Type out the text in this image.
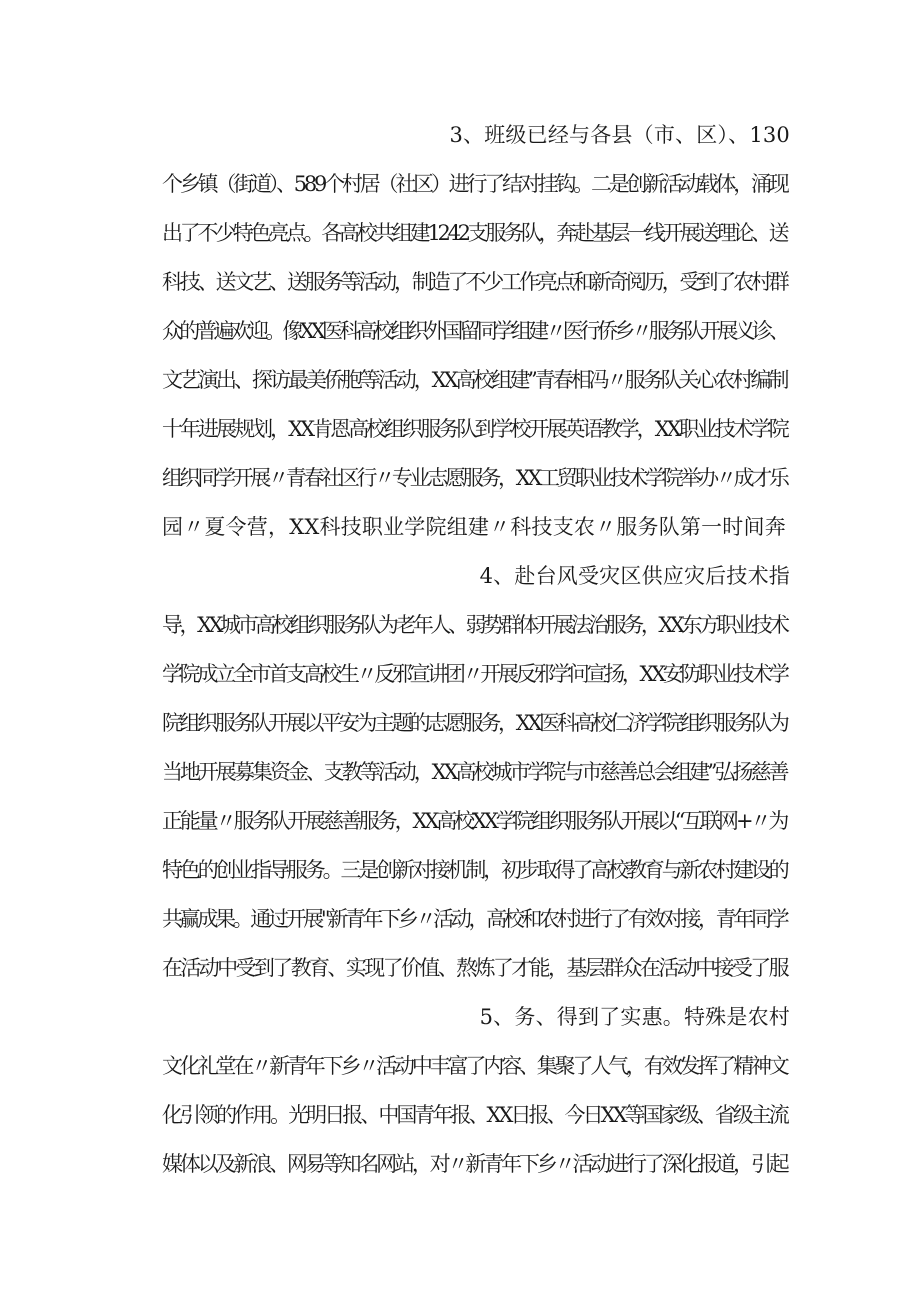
3、班级已经与各县（市、区）、130
个乡镇（街道）、589个村居（社区）进行了结对挂钩。二是创新活动载体，涌现
出了不少特色亮点。各高校共组建1242支服务队，奔赴基层一线开展送理论、送
科技、送文艺、送服务等活动，制造了不少工作亮点和新奇阅历，受到了农村群
众的普遍欢迎。像XX医科高校组织外国留同学组建〃医行侨乡〃服务队开展义诊、
文艺演出、探访最美侨胞等活动，XX高校组建’’青春相冯〃服务队关心农村编制
十年进展规划，XX肯恩高校组织服务队到学校开展英语教学，XX职业技术学院
组织同学开展〃青春社区行〃专业志愿服务，XX工贸职业技术学院举办〃成才乐
园〃夏令营，XX科技职业学院组建〃科技支农〃服务队第一时间奔
4、赴台风受灾区供应灾后技术指
导，XX城市高校组织服务队为老年人、弱势群体开展法治服务，XX东方职业技术
学院成立全市首支高校生〃反邪宣讲团〃开展反邪学问宣扬，XX安防职业技术学
院组织服务队开展以平安为主题的志愿服务，XX医科高校仁济学院组织服务队为
当地开展募集资金、支教等活动，XX高校城市学院与市慈善总会组建’’弘扬慈善
正能量〃服务队开展慈善服务，XX高校XX学院组织服务队开展以“互联网+〃为
特色的创业指导服务。三是创新对接机制，初步取得了高校教育与新农村建设的
共赢成果。通过开展"新青年下乡〃活动，高校和农村进行了有效对接，青年同学
在活动中受到了教育、实现了价值、熬炼了才能，基层群众在活动中接受了服
5、务、得到了实惠。特殊是农村
文化礼堂在〃新青年下乡〃活动中丰富了内容、集聚了人气，有效发挥了精神文
化引领的作用。光明日报、中国青年报、XX日报、今日XX等国家级、省级主流
媒体以及新浪、网易等知名网站，对〃新青年下乡〃活动进行了深化报道，引起
